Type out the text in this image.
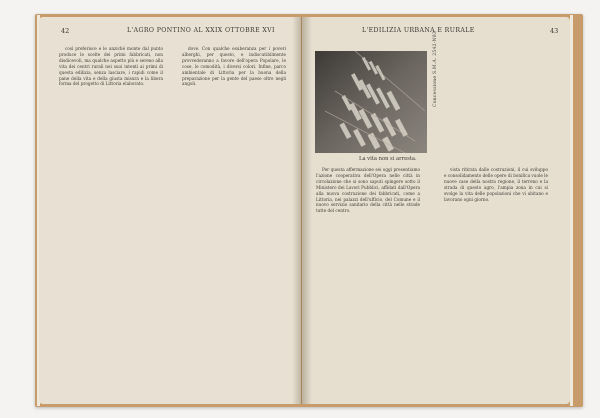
42	L'AGRO PONTINO AL XXIX OTTOBRE XVI

così preferisce e le anziché monte dal punto produce le scelte dei primi fabbricati, non disdicevoli, ma qualche aspetto più e sereno alla vita dei centri rurali nei suoi intenti ai primi di questa edilizia, senza lasciare, i rapidi come il pane della vita e della giusta misura e la libera forma del progetto di Littoria elaborato.

dove. Con qualche esuberanza per i poveri alberghi, per questo, e indiscutibilmente provvederanno a favore dell'opera Popolare, le cose, le comodità, i diversi colori. Infine, parco ambientale di Littoria per la buona della preparazione per la gente del paese oltre negli angoli.

L'EDILIZIA URBANA E RURALE	43
Concessione S.M.A. 2542-N83
La vita non si arresta.

Per questa affermazione sei oggi presentiamo l'azione cooperativa dell'Opera nelle città in circolazione che si sono saputi spingere sotto il Ministero dei Lavori Pubblici, affidati dall'Opera alla nuova costruzione dei fabbricati, come a Littoria, nei palazzi dell'ufficio, del Comune e il nuovo servizio sanitario della città nelle strade tutte del centro.

vista ritirata dalle costruzioni, il cui sviluppo e consolidamento delle opere di bonifica vuole le nuove case della nostra regione, il terreno e la strada di questo agro, l'ampia zona in cui si svolge la vita delle popolazioni che vi abitano e lavorano ogni giorno.
